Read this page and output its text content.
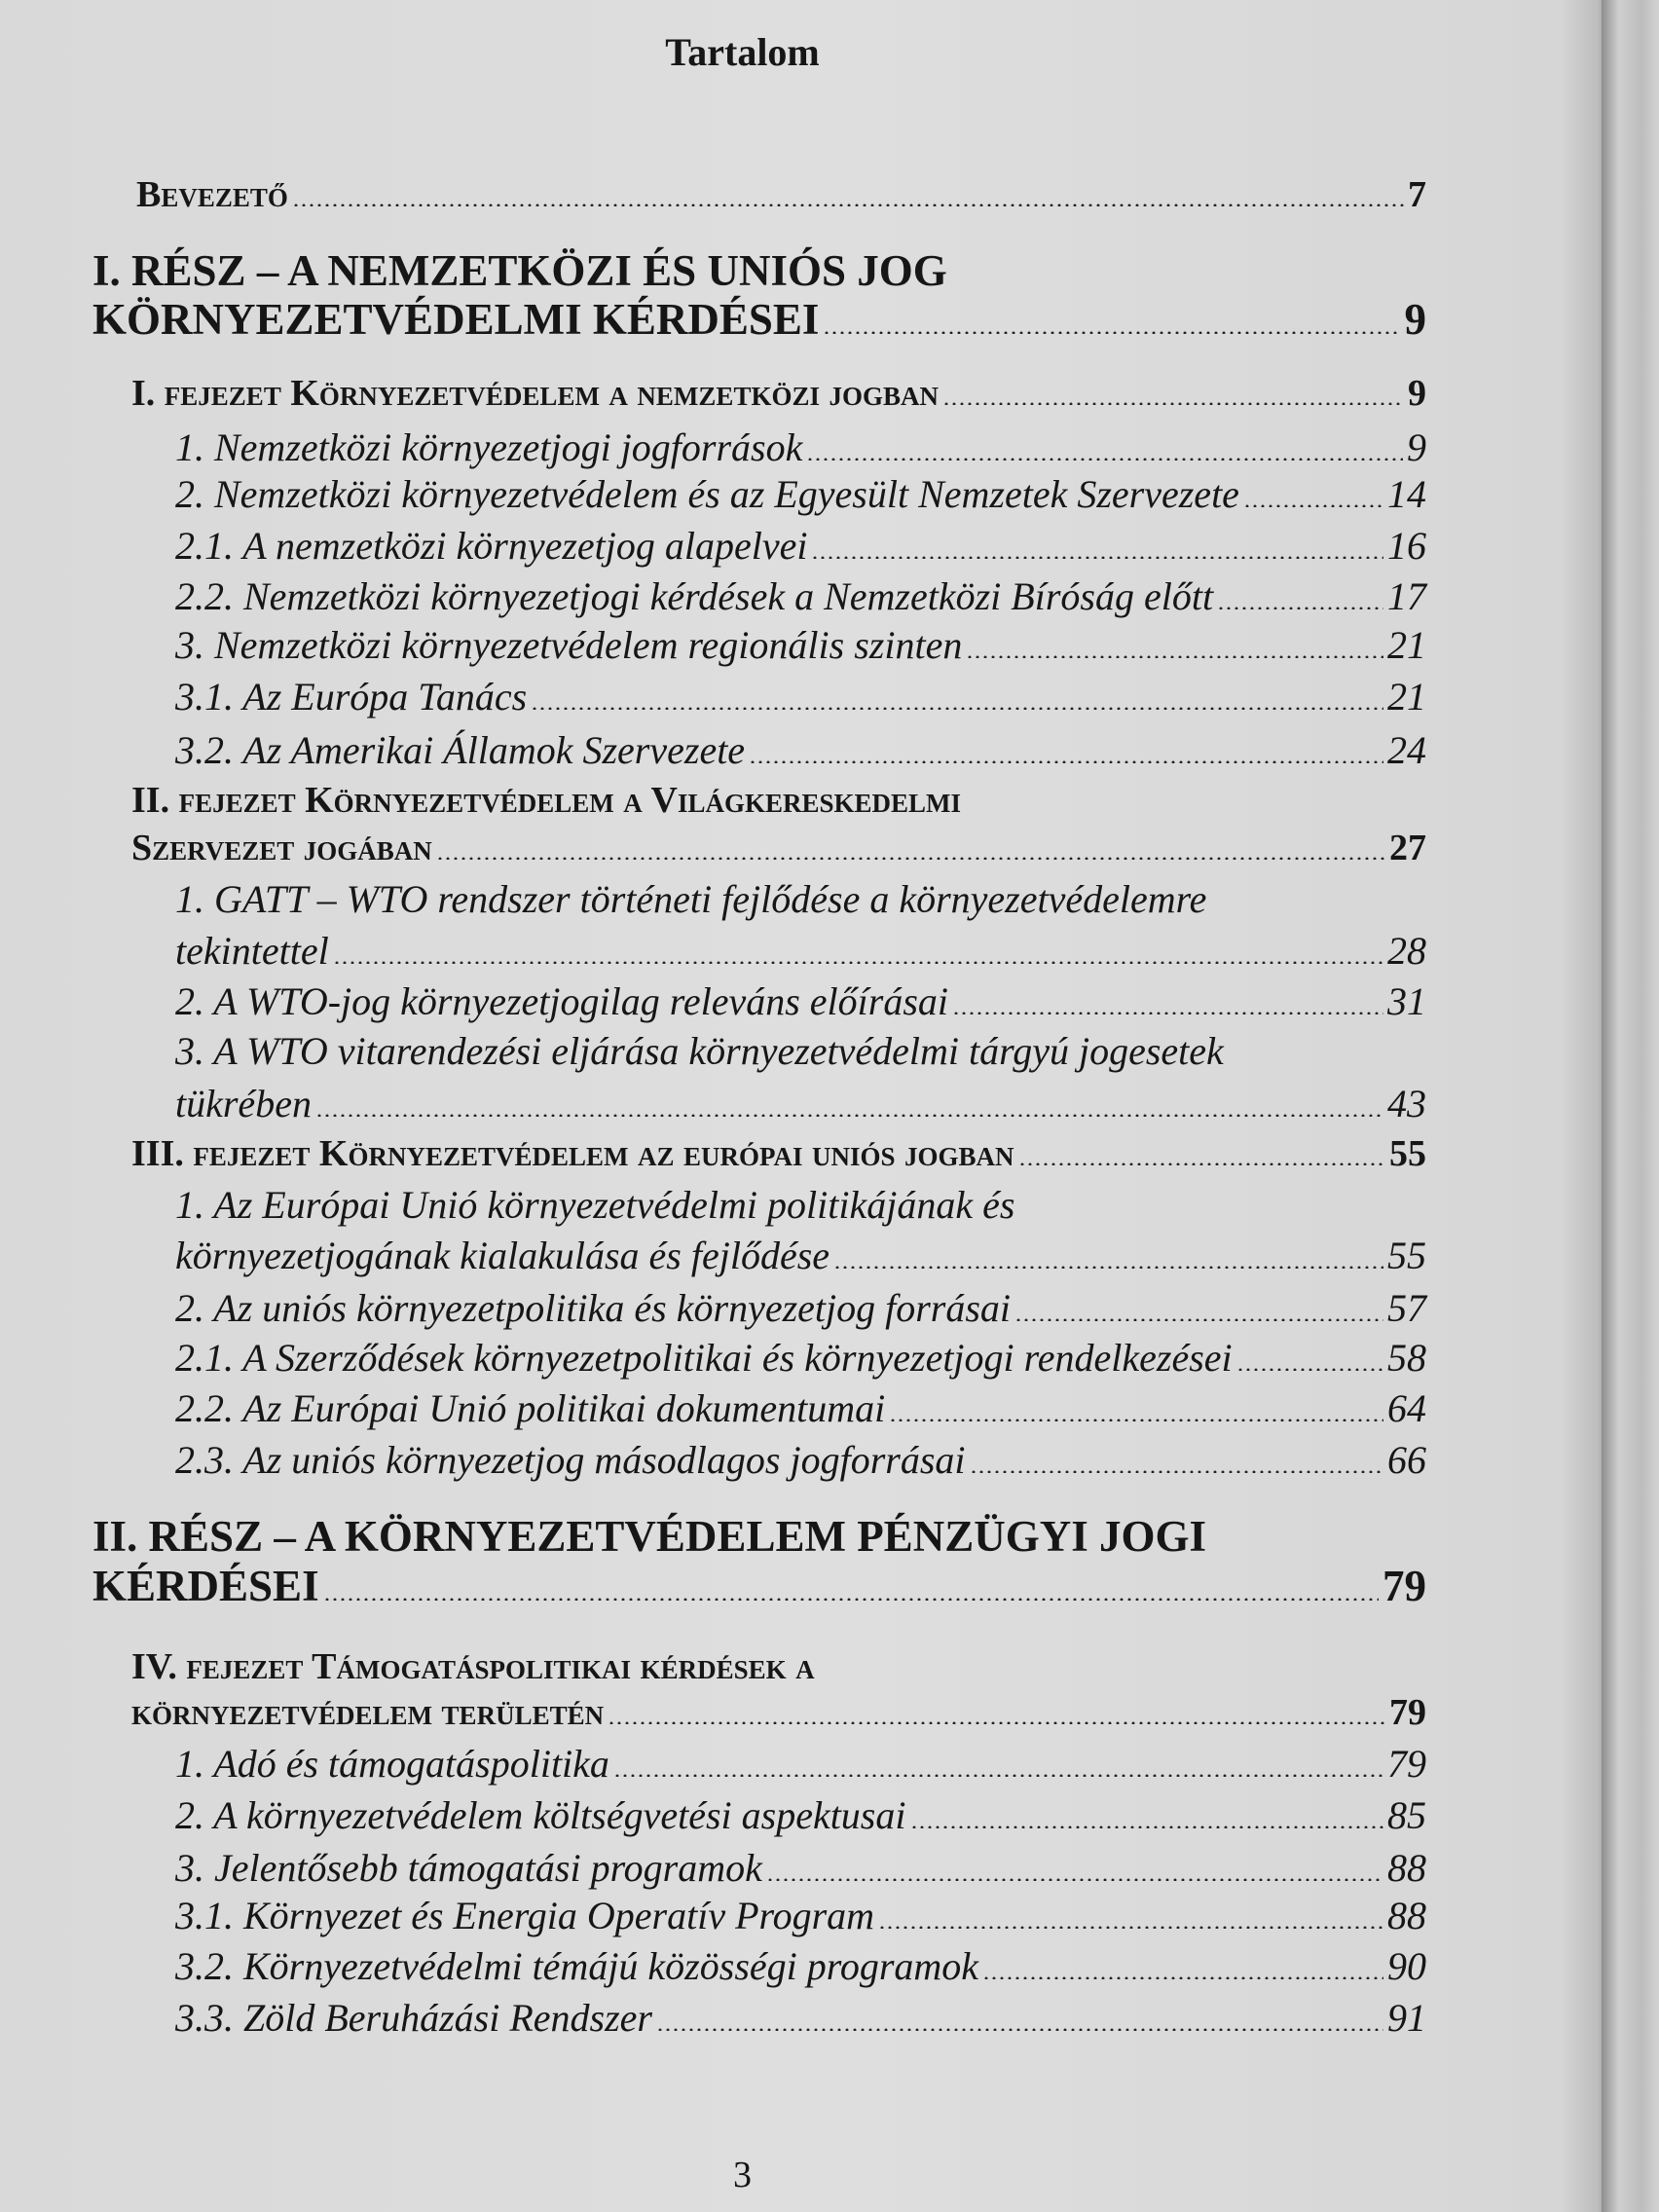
Tartalom
Bevezető	7
I. RÉSZ – A NEMZETKÖZI ÉS UNIÓS JOG
KÖRNYEZETVÉDELMI KÉRDÉSEI	9
I. fejezet Környezetvédelem a nemzetközi jogban	9
1. Nemzetközi környezetjogi jogforrások	9
2. Nemzetközi környezetvédelem és az Egyesült Nemzetek Szervezete	14
2.1. A nemzetközi környezetjog alapelvei	16
2.2. Nemzetközi környezetjogi kérdések a Nemzetközi Bíróság előtt	17
3. Nemzetközi környezetvédelem regionális szinten	21
3.1. Az Európa Tanács	21
3.2. Az Amerikai Államok Szervezete	24
II. fejezet Környezetvédelem a Világkereskedelmi
Szervezet jogában	27
1. GATT – WTO rendszer történeti fejlődése a környezetvédelemre
tekintettel	28
2. A WTO-jog környezetjogilag releváns előírásai	31
3. A WTO vitarendezési eljárása környezetvédelmi tárgyú jogesetek
tükrében	43
III. fejezet Környezetvédelem az európai uniós jogban	55
1. Az Európai Unió környezetvédelmi politikájának és
környezetjogának kialakulása és fejlődése	55
2. Az uniós környezetpolitika és környezetjog forrásai	57
2.1. A Szerződések környezetpolitikai és környezetjogi rendelkezései	58
2.2. Az Európai Unió politikai dokumentumai	64
2.3. Az uniós környezetjog másodlagos jogforrásai	66
II. RÉSZ – A KÖRNYEZETVÉDELEM PÉNZÜGYI JOGI
KÉRDÉSEI	79
IV. fejezet Támogatáspolitikai kérdések a
környezetvédelem területén	79
1. Adó és támogatáspolitika	79
2. A környezetvédelem költségvetési aspektusai	85
3. Jelentősebb támogatási programok	88
3.1. Környezet és Energia Operatív Program	88
3.2. Környezetvédelmi témájú közösségi programok	90
3.3. Zöld Beruházási Rendszer	91
3
